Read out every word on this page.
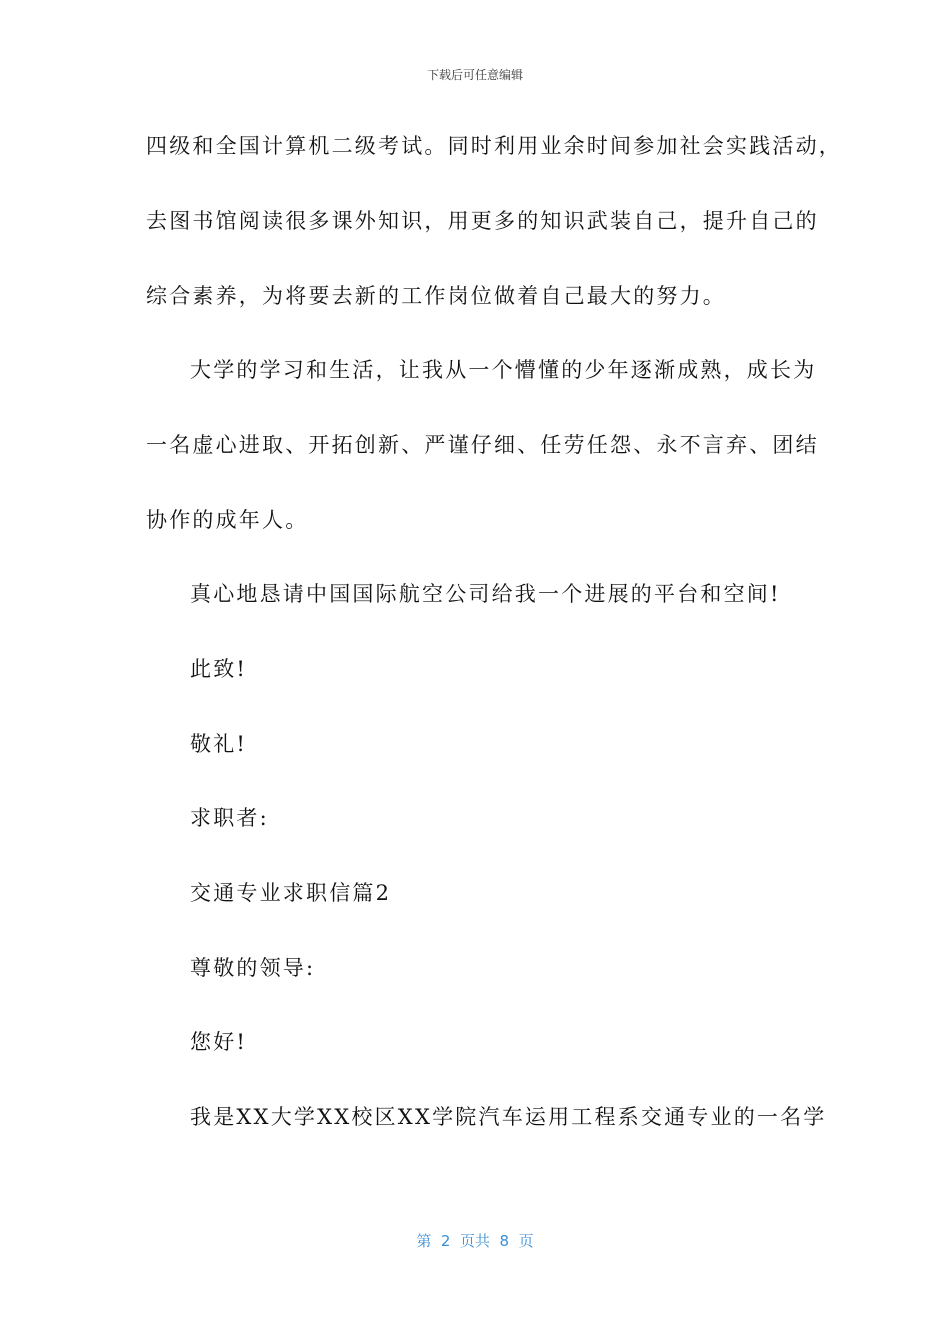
下载后可任意编辑
四级和全国计算机二级考试。同时利用业余时间参加社会实践活动，
去图书馆阅读很多课外知识，用更多的知识武装自己，提升自己的
综合素养，为将要去新的工作岗位做着自己最大的努力。
大学的学习和生活，让我从一个懵懂的少年逐渐成熟，成长为
一名虚心进取、开拓创新、严谨仔细、任劳任怨、永不言弃、团结
协作的成年人。
真心地恳请中国国际航空公司给我一个进展的平台和空间!
此致!
敬礼!
求职者:
交通专业求职信篇2
尊敬的领导:
您好!
我是XX大学XX校区XX学院汽车运用工程系交通专业的一名学
第  2  页共  8  页
